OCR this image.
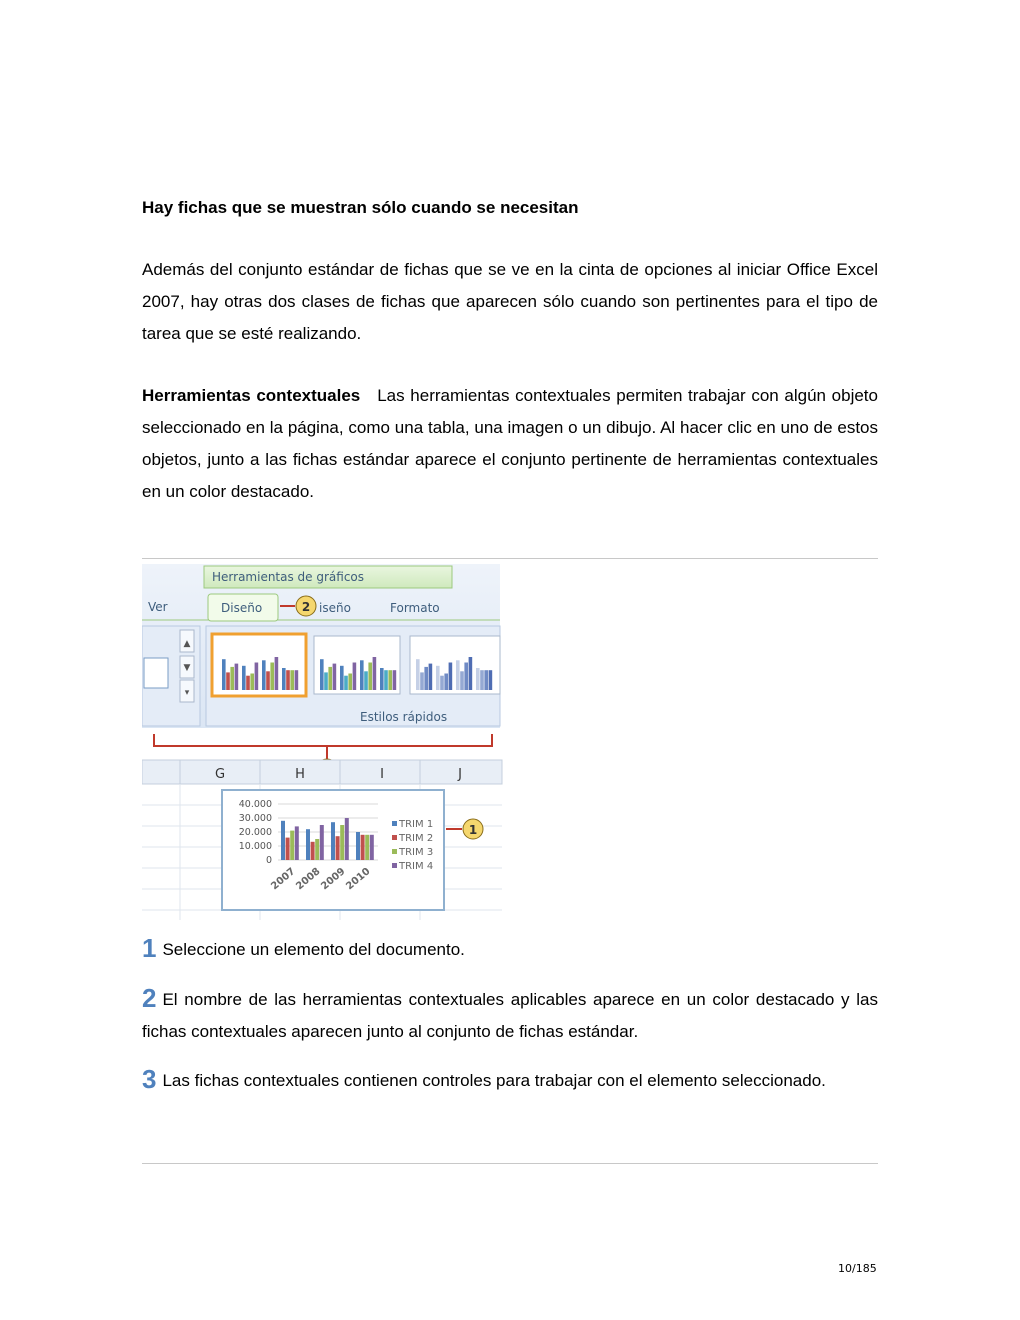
Hay fichas que se muestran sólo cuando se necesitan
Además del conjunto estándar de fichas que se ve en la cinta de opciones al iniciar Office Excel 2007, hay otras dos clases de fichas que aparecen sólo cuando son pertinentes para el tipo de tarea que se esté realizando.
Herramientas contextuales Las herramientas contextuales permiten trabajar con algún objeto seleccionado en la página, como una tabla, una imagen o un dibujo. Al hacer clic en uno de estos objetos, junto a las fichas estándar aparece el conjunto pertinente de herramientas contextuales en un color destacado.
Herramientas de gráficos
Ver	Diseño	2 iseño	Formato
▲
▼
▾
Estilos rápidos
G	H	I	J
1
40.000
30.000
20.000
10.000
0
2007
2008
2009
2010
TRIM 1
TRIM 2
TRIM 3
TRIM 4
1 Seleccione un elemento del documento.
2 El nombre de las herramientas contextuales aplicables aparece en un color destacado y las fichas contextuales aparecen junto al conjunto de fichas estándar.
3 Las fichas contextuales contienen controles para trabajar con el elemento seleccionado.
10/185
